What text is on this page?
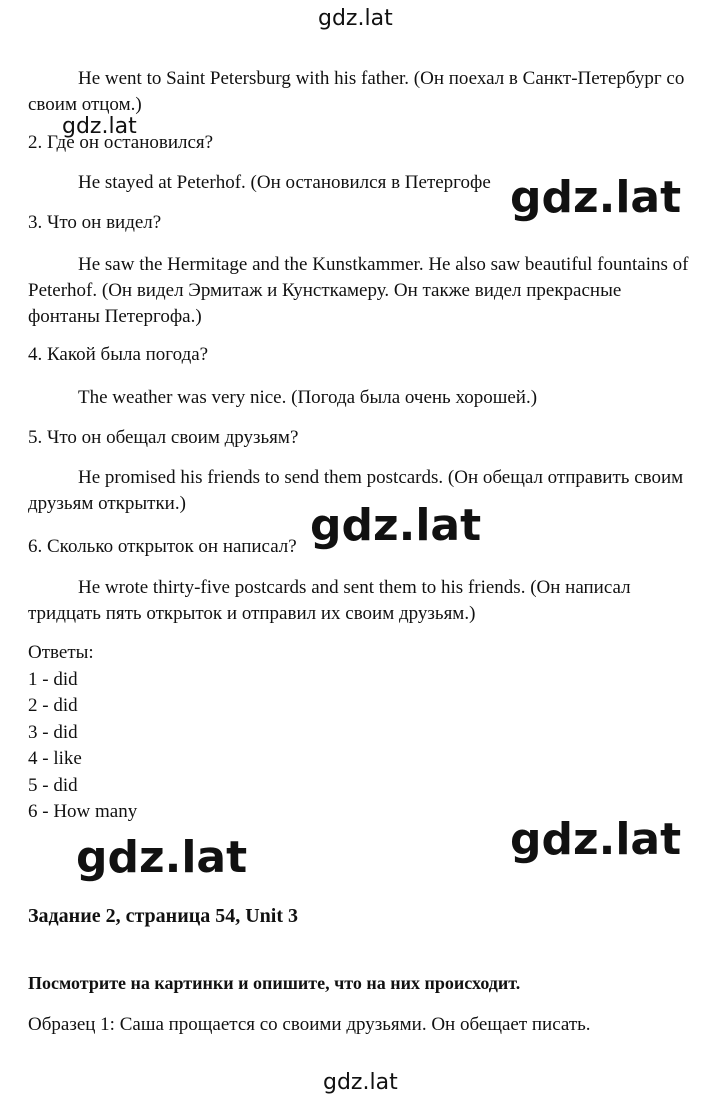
gdz.lat
He went to Saint Petersburg with his father. (Он поехал в Санкт-Петербург со своим отцом.)
gdz.lat
2. Где он остановился?
He stayed at Peterhof. (Он остановился в Петергофе gdz.lat
3. Что он видел?
He saw the Hermitage and the Kunstkammer. He also saw beautiful fountains of Peterhof. (Он видел Эрмитаж и Кунсткамеру. Он также видел прекрасные фонтаны Петергофа.)
4. Какой была погода?
The weather was very nice. (Погода была очень хорошей.)
5. Что он обещал своим друзьям?
He promised his friends to send them postcards. (Он обещал отправить своим друзьям открытки.)	gdz.lat
6. Сколько открыток он написал?
He wrote thirty-five postcards and sent them to his friends. (Он написал тридцать пять открыток и отправил их своим друзьям.)
Ответы:
1 - did
2 - did
3 - did
4 - like
5 - did
6 - How many
gdz.lat
gdz.lat
Задание 2, страница 54, Unit 3
Посмотрите на картинки и опишите, что на них происходит.
Образец 1: Саша прощается со своими друзьями. Он обещает писать.
gdz.lat
